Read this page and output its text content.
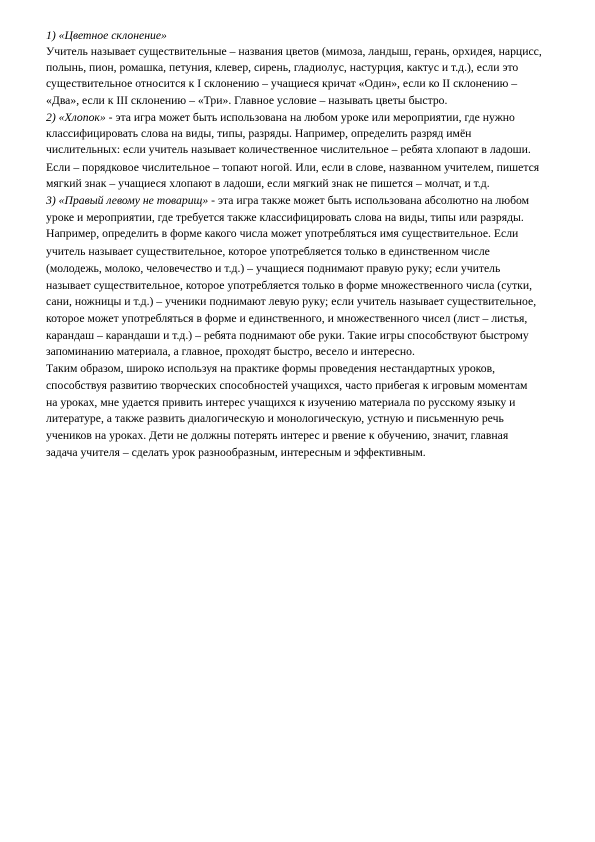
1) «Цветное склонение»
Учитель называет существительные – названия цветов (мимоза, ландыш, герань, орхидея, нарцисс,
полынь, пион, ромашка, петуния, клевер, сирень, гладиолус, настурция, кактус и т.д.), если это
существительное относится к I склонению – учащиеся кричат «Один», если ко II склонению –
«Два», если к III склонению – «Три». Главное условие – называть цветы быстро.
2) «Хлопок» - эта игра может быть использована на любом уроке или мероприятии, где нужно
классифицировать слова на виды, типы, разряды. Например, определить разряд имён
числительных: если учитель называет количественное числительное – ребята хлопают в ладоши.
Если – порядковое числительное – топают ногой. Или, если в слове, названном учителем, пишется
мягкий знак – учащиеся хлопают в ладоши, если мягкий знак не пишется – молчат, и т.д.
3) «Правый левому не товарищ» - эта игра также может быть использована абсолютно на любом
уроке и мероприятии, где требуется также классифицировать слова на виды, типы или разряды.
Например, определить в форме какого числа может употребляться имя существительное. Если
учитель называет существительное, которое употребляется только в единственном числе
(молодежь, молоко, человечество и т.д.) – учащиеся поднимают правую руку; если учитель
называет существительное, которое употребляется только в форме множественного числа (сутки,
сани, ножницы и т.д.) – ученики поднимают левую руку; если учитель называет существительное,
которое может употребляться в форме и единственного, и множественного чисел (лист – листья,
карандаш – карандаши и т.д.) – ребята поднимают обе руки. Такие игры способствуют быстрому
запоминанию материала, а главное, проходят быстро, весело и интересно.
Таким образом, широко используя на практике формы проведения нестандартных уроков,
способствуя развитию творческих способностей учащихся, часто прибегая к игровым моментам
на уроках, мне удается привить интерес учащихся к изучению материала по русскому языку и
литературе, а также развить диалогическую и монологическую, устную и письменную речь
учеников на уроках. Дети не должны потерять интерес и рвение к обучению, значит, главная
задача учителя – сделать урок разнообразным, интересным и эффективным.
